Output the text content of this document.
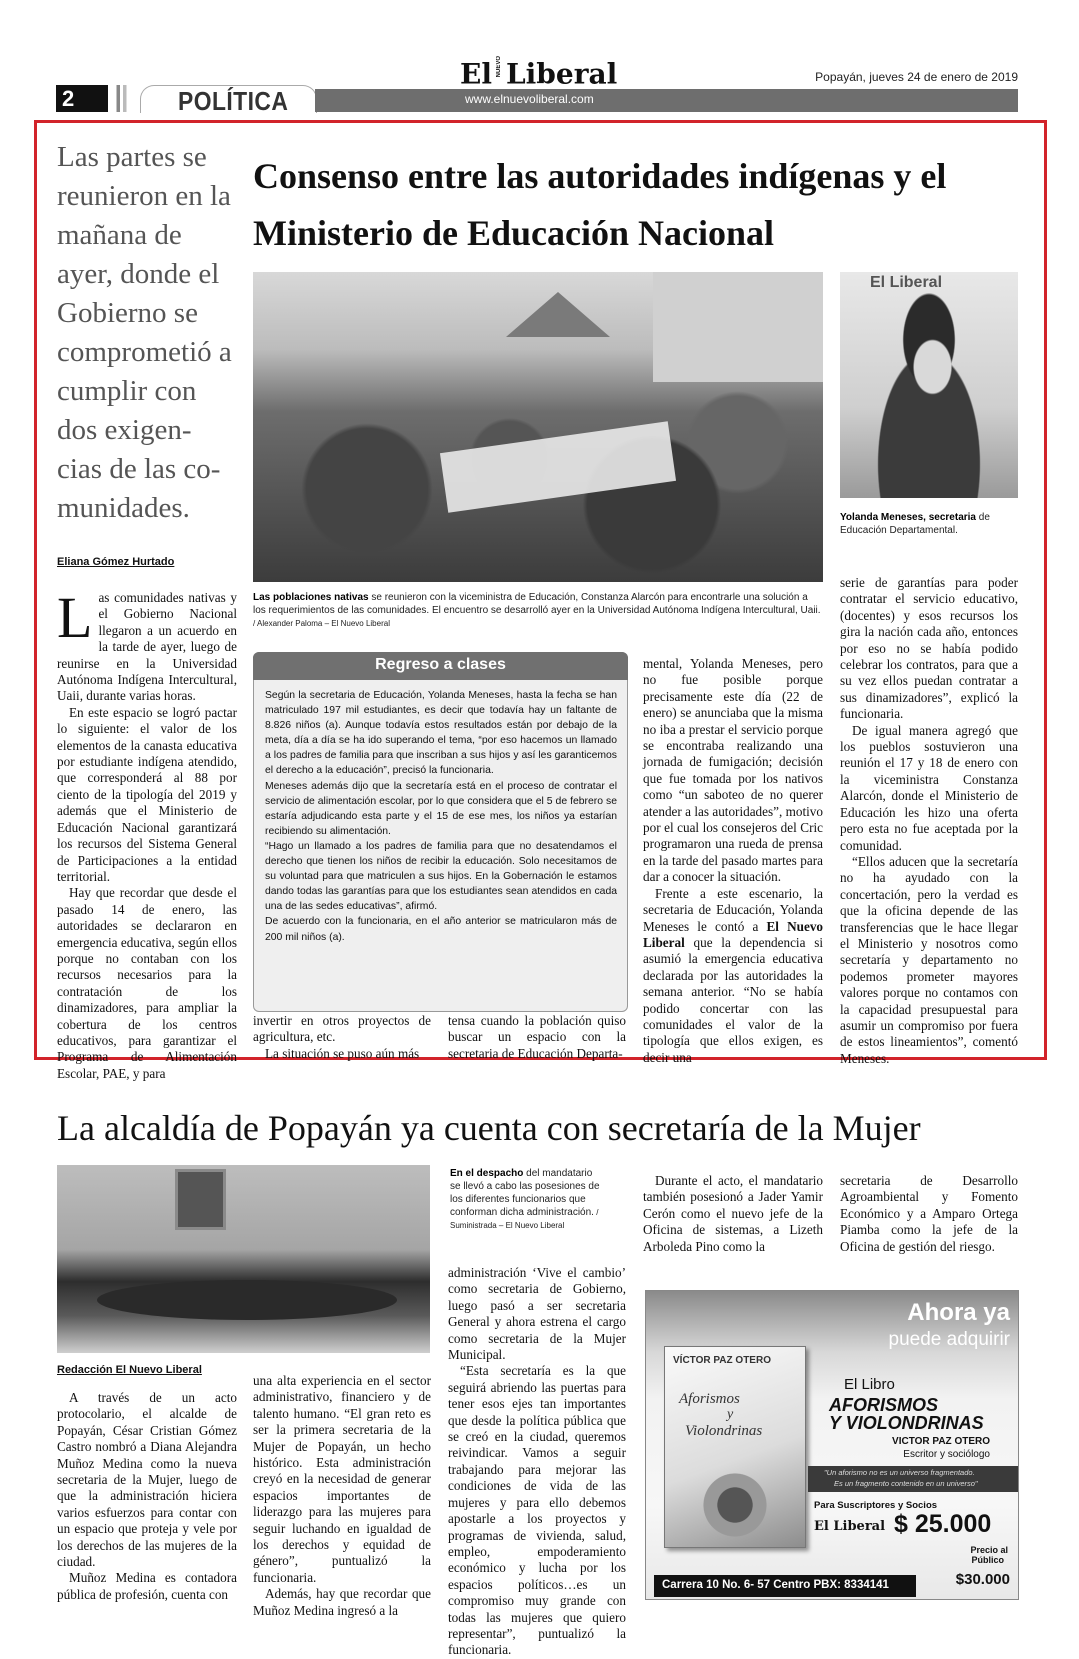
2	POLÍTICA	www.elnuevoliberal.com
El NUEVO Liberal	Popayán, jueves 24 de enero de 2019
Las partes se reunieron en la mañana de ayer, donde el Gobierno se comprometió a cumplir con dos exigen-cias de las co-munidades.
Consenso entre las autoridades indígenas y el Ministerio de Educación Nacional
El Liberal
Yolanda Meneses, secretaria de Educación Departamental.
Las poblaciones nativas se reunieron con la viceministra de Educación, Constanza Alarcón para encontrarle una solución a los requerimientos de las comunidades. El encuentro se desarrolló ayer en la Universidad Autónoma Indígena Intercultural, Uaii. / Alexander Paloma – El Nuevo Liberal
Eliana Gómez Hurtado

Las comunidades nativas y el Gobierno Nacional llegaron a un acuerdo en la tarde de ayer, luego de reunirse en la Universidad Autónoma Indígena Intercultural, Uaii, durante varias horas.

En este espacio se logró pactar lo siguiente: el valor de los elementos de la canasta educativa por estudiante indígena atendido, que corresponderá al 88 por ciento de la tipología del 2019 y además que el Ministerio de Educación Nacional garantizará los recursos del Sistema General de Participaciones a la entidad territorial.

Hay que recordar que desde el pasado 14 de enero, las autoridades se declararon en emergencia educativa, según ellos porque no contaban con los recursos necesarios para la contratación de los dinamizadores, para ampliar la cobertura de los centros educativos, para garantizar el Programa de Alimentación Escolar, PAE, y para

Regreso a clases
Según la secretaria de Educación, Yolanda Meneses, hasta la fecha se han matriculado 197 mil estudiantes, es decir que todavía hay un faltante de 8.826 niños (a). Aunque todavía estos resultados están por debajo de la meta, día a día se ha ido superando el tema, “por eso hacemos un llamado a los padres de familia para que inscriban a sus hijos y así les garanticemos el derecho a la educación”, precisó la funcionaria.
Meneses además dijo que la secretaría está en el proceso de contratar el servicio de alimentación escolar, por lo que considera que el 5 de febrero se estaría adjudicando esta parte y el 15 de ese mes, los niños ya estarían recibiendo su alimentación.
“Hago un llamado a los padres de familia para que no desatendamos el derecho que tienen los niños de recibir la educación. Solo necesitamos de su voluntad para que matriculen a sus hijos. En la Gobernación le estamos dando todas las garantías para que los estudiantes sean atendidos en cada una de las sedes educativas”, afirmó.
De acuerdo con la funcionaria, en el año anterior se matricularon más de 200 mil niños (a).

invertir en otros proyectos de agricultura, etc.

La situación se puso aún más

tensa cuando la población quiso buscar un espacio con la secretaria de Educación Departa-

mental, Yolanda Meneses, pero no fue posible porque precisamente este día (22 de enero) se anunciaba que la misma no iba a prestar el servicio porque se encontraba realizando una jornada de fumigación; decisión que fue tomada por los nativos como “un saboteo de no querer atender a las autoridades”, motivo por el cual los consejeros del Cric programaron una rueda de prensa en la tarde del pasado martes para dar a conocer la situación.

Frente a este escenario, la secretaria de Educación, Yolanda Meneses le contó a El Nuevo Liberal que la dependencia si asumió la emergencia educativa declarada por las autoridades la semana anterior. “No se había podido concertar con las comunidades el valor de la tipología que ellos exigen, es decir una

serie de garantías para poder contratar el servicio educativo, (docentes) y esos recursos los gira la nación cada año, entonces por eso no se había podido celebrar los contratos, para que a su vez ellos puedan contratar a sus dinamizadores”, explicó la funcionaria.

De igual manera agregó que los pueblos sostuvieron una reunión el 17 y 18 de enero con la viceministra Constanza Alarcón, donde el Ministerio de Educación les hizo una oferta pero esta no fue aceptada por la comunidad.

“Ellos aducen que la secretaría no ha ayudado con la concertación, pero la verdad es que la oficina depende de las transferencias que le hace llegar el Ministerio y nosotros como secretaría y departamento no podemos prometer mayores valores porque no contamos con la capacidad presupuestal para asumir un compromiso por fuera de estos lineamientos”, comentó Meneses.

La alcaldía de Popayán ya cuenta con secretaría de la Mujer
En el despacho del mandatario se llevó a cabo las posesiones de los diferentes funcionarios que conforman dicha administración. / Suministrada – El Nuevo Liberal
Redacción El Nuevo Liberal

A través de un acto protocolario, el alcalde de Popayán, César Cristian Gómez Castro nombró a Diana Alejandra Muñoz Medina como la nueva secretaria de la Mujer, luego de que la administración hiciera varios esfuerzos para contar con un espacio que proteja y vele por los derechos de las mujeres de la ciudad.

Muñoz Medina es contadora pública de profesión, cuenta con

una alta experiencia en el sector administrativo, financiero y de talento humano. “El gran reto es ser la primera secretaria de la Mujer de Popayán, un hecho histórico. Esta administración creyó en la necesidad de generar espacios importantes de liderazgo para las mujeres para seguir luchando en igualdad de los derechos y equidad de género”, puntualizó la funcionaria.

Además, hay que recordar que Muñoz Medina ingresó a la

administración ‘Vive el cambio’ como secretaria de Gobierno, luego pasó a ser secretaria General y ahora estrena el cargo como secretaria de la Mujer Municipal.

“Esta secretaría es la que seguirá abriendo las puertas para tener esos ejes tan importantes que desde la política pública que se creó en la ciudad, queremos reivindicar. Vamos a seguir trabajando para mejorar las condiciones de vida de las mujeres y para ello debemos apostarle a los proyectos y programas de vivienda, salud, empleo, empoderamiento económico y lucha por los espacios políticos…es un compromiso muy grande con todas las mujeres que quiero representar”, puntualizó la funcionaria.

Durante el acto, el mandatario también posesionó a Jader Yamir Cerón como el nuevo jefe de la Oficina de sistemas, a Lizeth Arboleda Pino como la

secretaria de Desarrollo Agroambiental y Fomento Económico y a Amparo Ortega Piamba como la jefe de la Oficina de gestión del riesgo.

Ahora ya
puede adquirir
VÍCTOR PAZ OTERO
Aforismos
y
Violondrinas
El Libro
AFORISMOS
Y VIOLONDRINAS
VICTOR PAZ OTERO
Escritor y sociólogo
"Un aforismo no es un universo fragmentado.
Es un fragmento contenido en un universo"
Para Suscriptores y Socios
El Liberal $ 25.000
Precio al
Público
Carrera 10 No. 6- 57 Centro PBX: 8334141	$30.000
